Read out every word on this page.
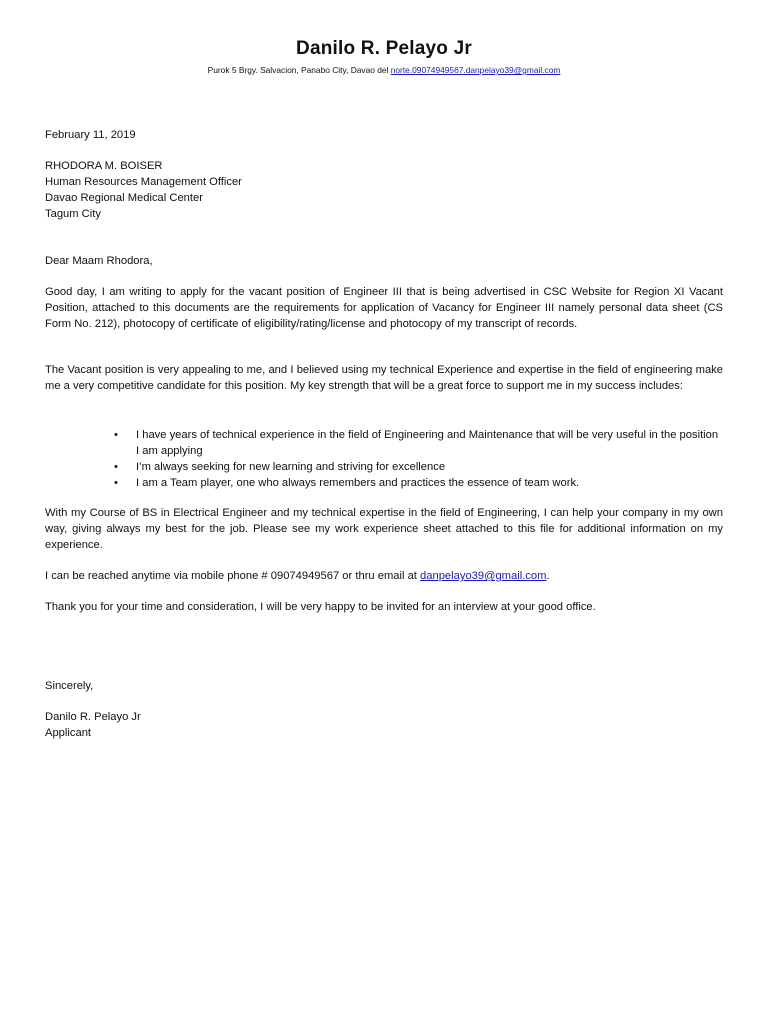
Danilo R. Pelayo Jr
Purok 5 Brgy. Salvacion, Panabo City, Davao del norte.09074949567.danpelayo39@gmail.com
February 11, 2019
RHODORA M. BOISER
Human Resources Management Officer
Davao Regional Medical Center
Tagum City
Dear Maam Rhodora,
Good day, I am writing to apply for the vacant position of Engineer III that is being advertised in CSC Website for Region XI Vacant Position, attached to this documents are the requirements for application of Vacancy for Engineer III namely personal data sheet (CS Form No. 212), photocopy of certificate of eligibility/rating/license and photocopy of my transcript of records.
The Vacant position is very appealing to me, and I believed using my technical Experience and expertise in the field of engineering make me a very competitive candidate for this position. My key strength that will be a great force to support me in my success includes:
• I have years of technical experience in the field of Engineering and Maintenance that will be very useful in the position I am applying
• I’m always seeking for new learning and striving for excellence
• I am a Team player, one who always remembers and practices the essence of team work.
With my Course of BS in Electrical Engineer and my technical expertise in the field of Engineering, I can help your company in my own way, giving always my best for the job. Please see my work experience sheet attached to this file for additional information on my experience.
I can be reached anytime via mobile phone # 09074949567 or thru email at danpelayo39@gmail.com.
Thank you for your time and consideration, I will be very happy to be invited for an interview at your good office.
Sincerely,
Danilo R. Pelayo Jr
Applicant
